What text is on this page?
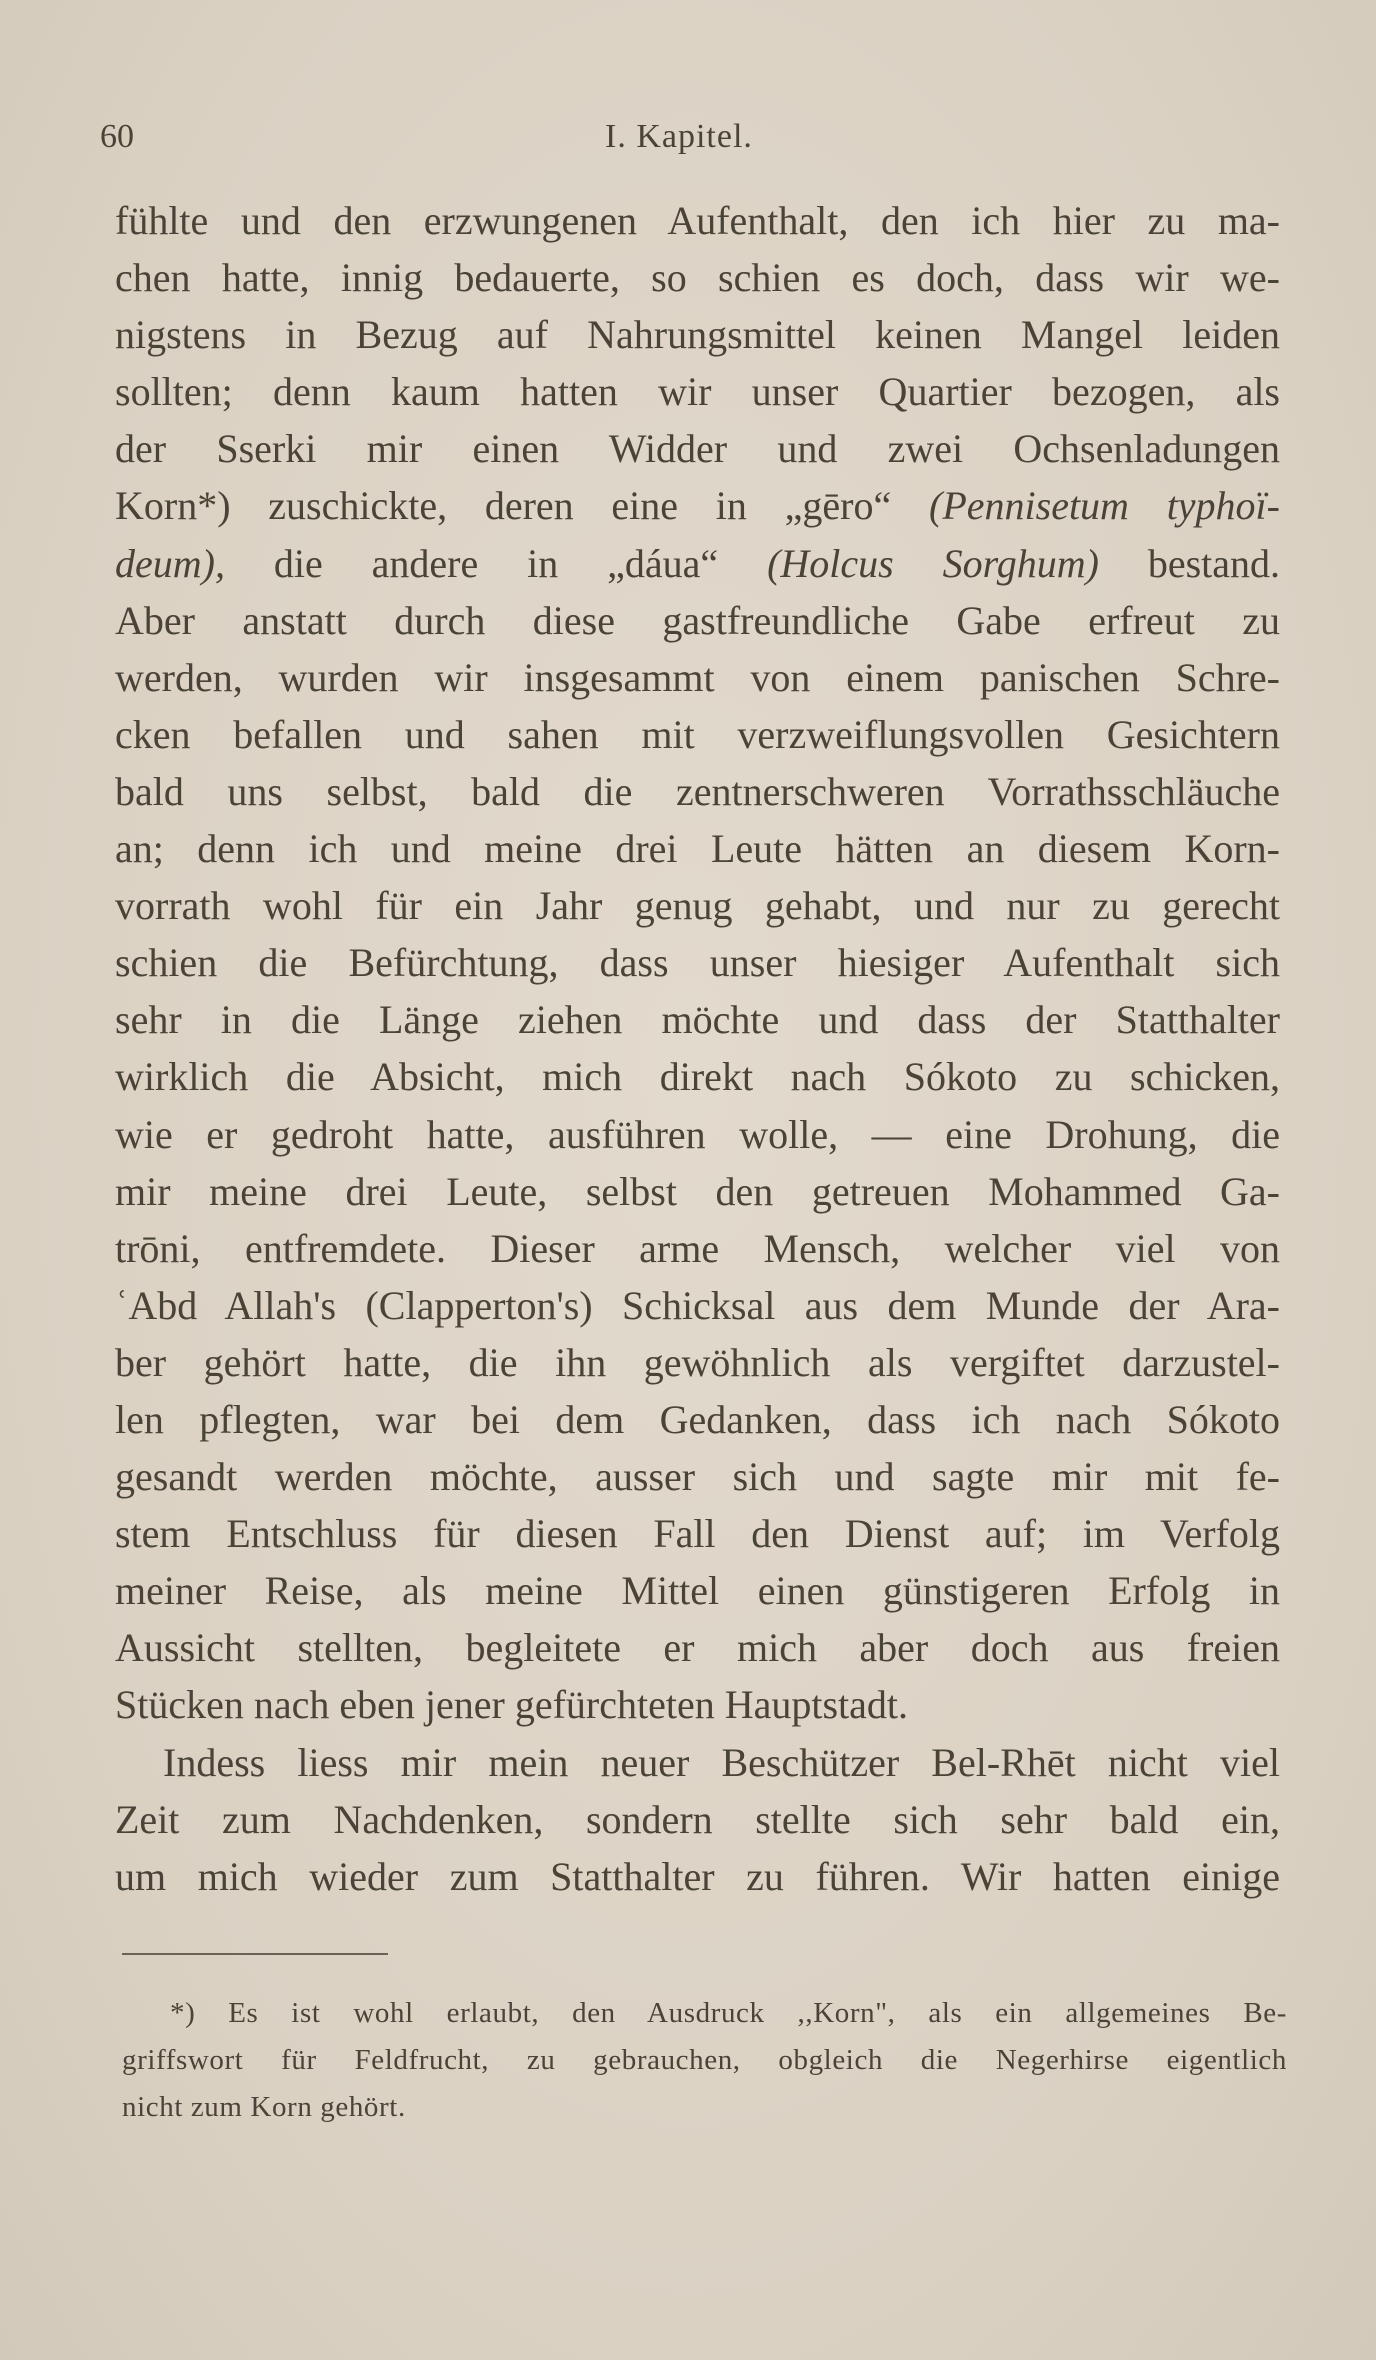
60	I. Kapitel.
fühlte und den erzwungenen Aufenthalt, den ich hier zu ma-
chen hatte, innig bedauerte, so schien es doch, dass wir we-
nigstens in Bezug auf Nahrungsmittel keinen Mangel leiden
sollten; denn kaum hatten wir unser Quartier bezogen, als
der Sserki mir einen Widder und zwei Ochsenladungen
Korn*) zuschickte, deren eine in „gēro“ (Pennisetum typhoï-
deum), die andere in „dáua“ (Holcus Sorghum) bestand.
Aber anstatt durch diese gastfreundliche Gabe erfreut zu
werden, wurden wir insgesammt von einem panischen Schre-
cken befallen und sahen mit verzweiflungsvollen Gesichtern
bald uns selbst, bald die zentnerschweren Vorrathsschläuche
an; denn ich und meine drei Leute hätten an diesem Korn-
vorrath wohl für ein Jahr genug gehabt, und nur zu gerecht
schien die Befürchtung, dass unser hiesiger Aufenthalt sich
sehr in die Länge ziehen möchte und dass der Statthalter
wirklich die Absicht, mich direkt nach Sókoto zu schicken,
wie er gedroht hatte, ausführen wolle, — eine Drohung, die
mir meine drei Leute, selbst den getreuen Mohammed Ga-
trōni, entfremdete. Dieser arme Mensch, welcher viel von
ʿAbd Allah's (Clapperton's) Schicksal aus dem Munde der Ara-
ber gehört hatte, die ihn gewöhnlich als vergiftet darzustel-
len pflegten, war bei dem Gedanken, dass ich nach Sókoto
gesandt werden möchte, ausser sich und sagte mir mit fe-
stem Entschluss für diesen Fall den Dienst auf; im Verfolg
meiner Reise, als meine Mittel einen günstigeren Erfolg in
Aussicht stellten, begleitete er mich aber doch aus freien
Stücken nach eben jener gefürchteten Hauptstadt.
Indess liess mir mein neuer Beschützer Bel-Rhēt nicht viel
Zeit zum Nachdenken, sondern stellte sich sehr bald ein,
um mich wieder zum Statthalter zu führen. Wir hatten einige
*) Es ist wohl erlaubt, den Ausdruck ,,Korn", als ein allgemeines Be-
griffswort für Feldfrucht, zu gebrauchen, obgleich die Negerhirse eigentlich
nicht zum Korn gehört.
